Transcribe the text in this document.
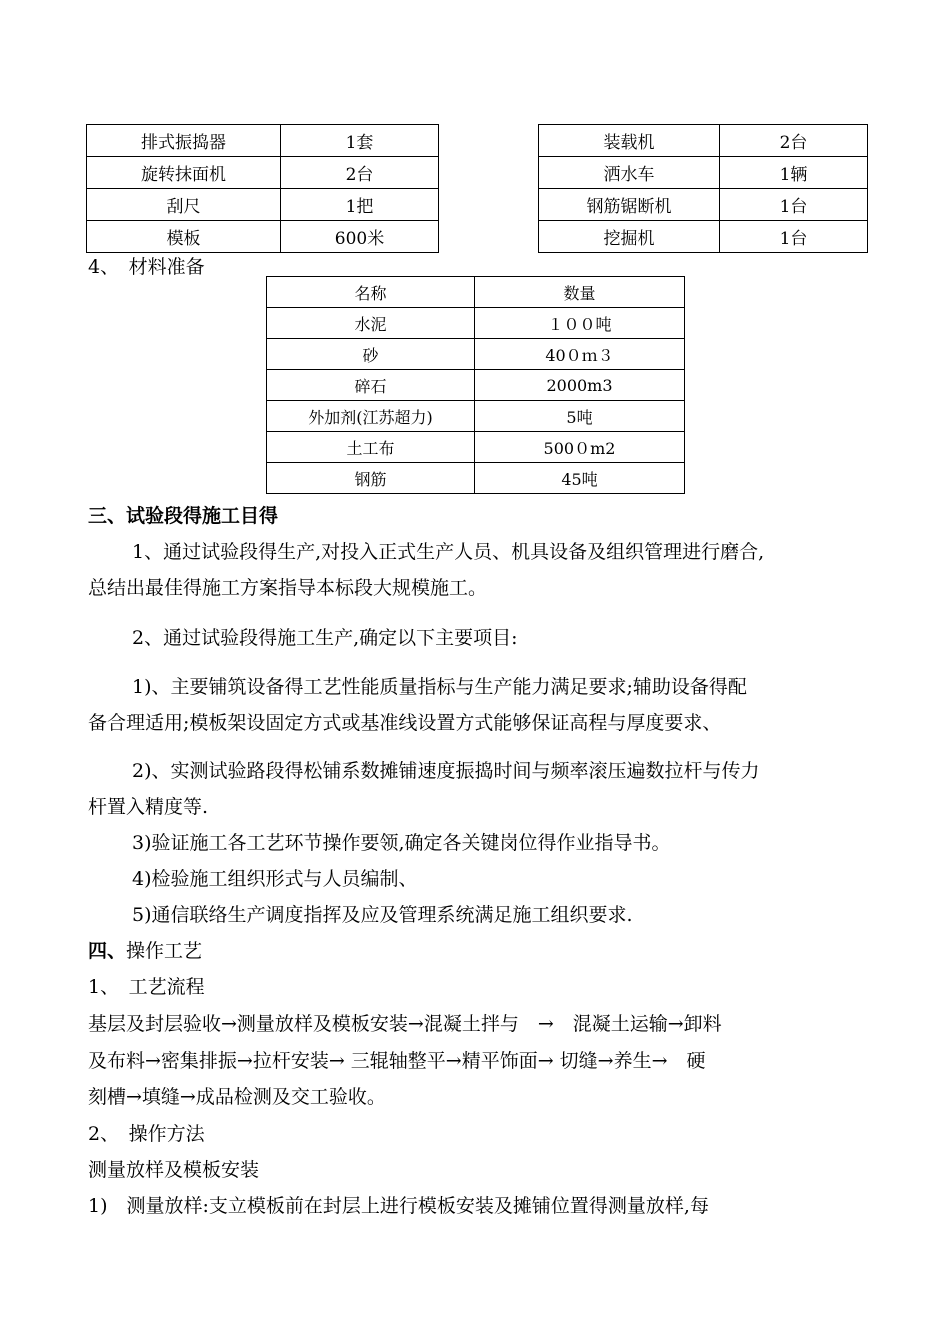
排式振捣器	1套		装载机	2台
旋转抹面机	2台		洒水车	1辆
刮尺	1把		钢筋锯断机	1台
模板	600米		挖掘机	1台
4、　材料准备
名称	数量
水泥	１００吨
砂	40０ｍ３
碎石	2000m3
外加剂(江苏超力)	5吨
土工布	500０m2
钢筋	45吨
三、试验段得施工目得
1、通过试验段得生产,对投入正式生产人员、机具设备及组织管理进行磨合,
总结出最佳得施工方案指导本标段大规模施工。
2、通过试验段得施工生产,确定以下主要项目:
1)、主要铺筑设备得工艺性能质量指标与生产能力满足要求;辅助设备得配
备合理适用;模板架设固定方式或基准线设置方式能够保证高程与厚度要求、
2)、实测试验路段得松铺系数摊铺速度振捣时间与频率滚压遍数拉杆与传力
杆置入精度等.
3)验证施工各工艺环节操作要领,确定各关键岗位得作业指导书。
4)检验施工组织形式与人员编制、
5)通信联络生产调度指挥及应及管理系统满足施工组织要求.
四、操作工艺
1、　工艺流程
基层及封层验收→测量放样及模板安装→混凝土拌与　→　混凝土运输→卸料
及布料→密集排振→拉杆安装→ 三辊轴整平→精平饰面→ 切缝→养生→　硬
刻槽→填缝→成品检测及交工验收。
2、　操作方法
测量放样及模板安装
1)　测量放样:支立模板前在封层上进行模板安装及摊铺位置得测量放样,每
